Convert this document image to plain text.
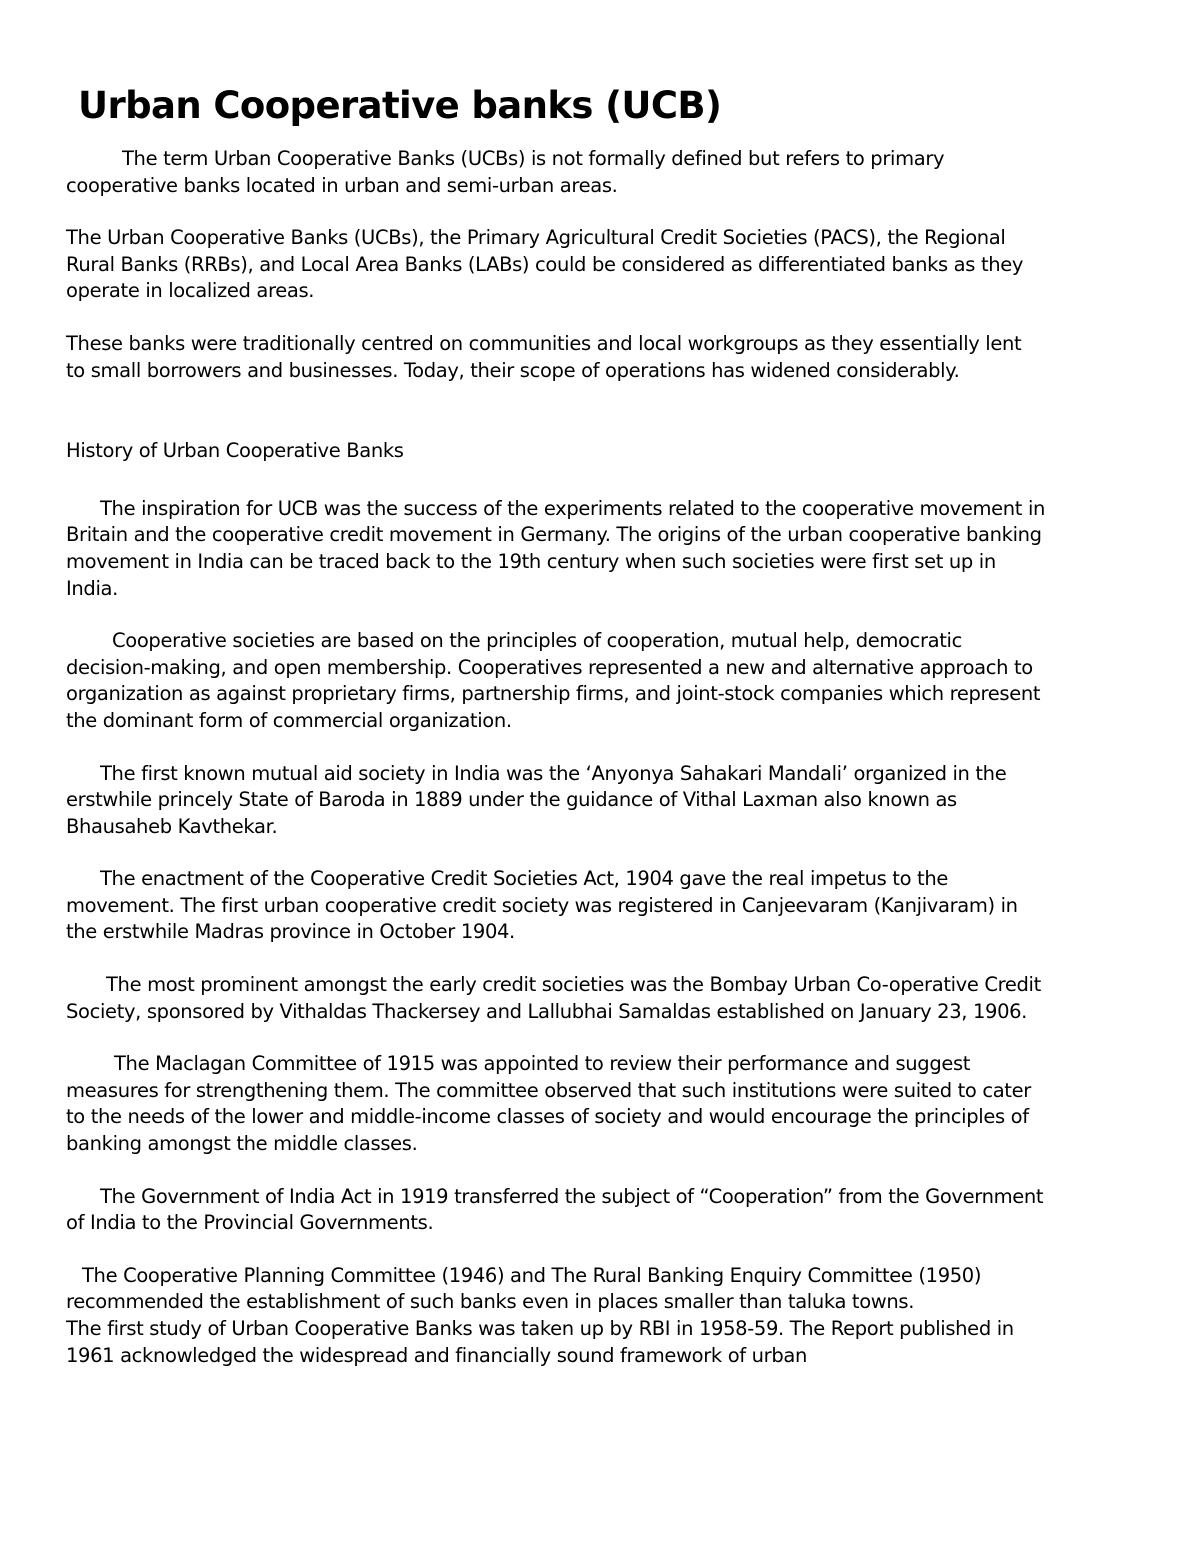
Urban Cooperative banks (UCB)

The term Urban Cooperative Banks (UCBs) is not formally defined but refers to primary cooperative banks located in urban and semi-urban areas.

The Urban Cooperative Banks (UCBs), the Primary Agricultural Credit Societies (PACS), the Regional Rural Banks (RRBs), and Local Area Banks (LABs) could be considered as differentiated banks as they operate in localized areas.

These banks were traditionally centred on communities and local workgroups as they essentially lent to small borrowers and businesses. Today, their scope of operations has widened considerably.

History of Urban Cooperative Banks

The inspiration for UCB was the success of the experiments related to the cooperative movement in Britain and the cooperative credit movement in Germany. The origins of the urban cooperative banking movement in India can be traced back to the 19th century when such societies were first set up in India.

Cooperative societies are based on the principles of cooperation, mutual help, democratic decision-making, and open membership. Cooperatives represented a new and alternative approach to organization as against proprietary firms, partnership firms, and joint-stock companies which represent the dominant form of commercial organization.

The first known mutual aid society in India was the ‘Anyonya Sahakari Mandali’ organized in the erstwhile princely State of Baroda in 1889 under the guidance of Vithal Laxman also known as Bhausaheb Kavthekar.

The enactment of the Cooperative Credit Societies Act, 1904 gave the real impetus to the movement. The first urban cooperative credit society was registered in Canjeevaram (Kanjivaram) in the erstwhile Madras province in October 1904.

The most prominent amongst the early credit societies was the Bombay Urban Co-operative Credit Society, sponsored by Vithaldas Thackersey and Lallubhai Samaldas established on January 23, 1906.

The Maclagan Committee of 1915 was appointed to review their performance and suggest measures for strengthening them. The committee observed that such institutions were suited to cater to the needs of the lower and middle-income classes of society and would encourage the principles of banking amongst the middle classes.

The Government of India Act in 1919 transferred the subject of “Cooperation” from the Government of India to the Provincial Governments.

The Cooperative Planning Committee (1946) and The Rural Banking Enquiry Committee (1950) recommended the establishment of such banks even in places smaller than taluka towns.

The first study of Urban Cooperative Banks was taken up by RBI in 1958-59. The Report published in 1961 acknowledged the widespread and financially sound framework of urban
